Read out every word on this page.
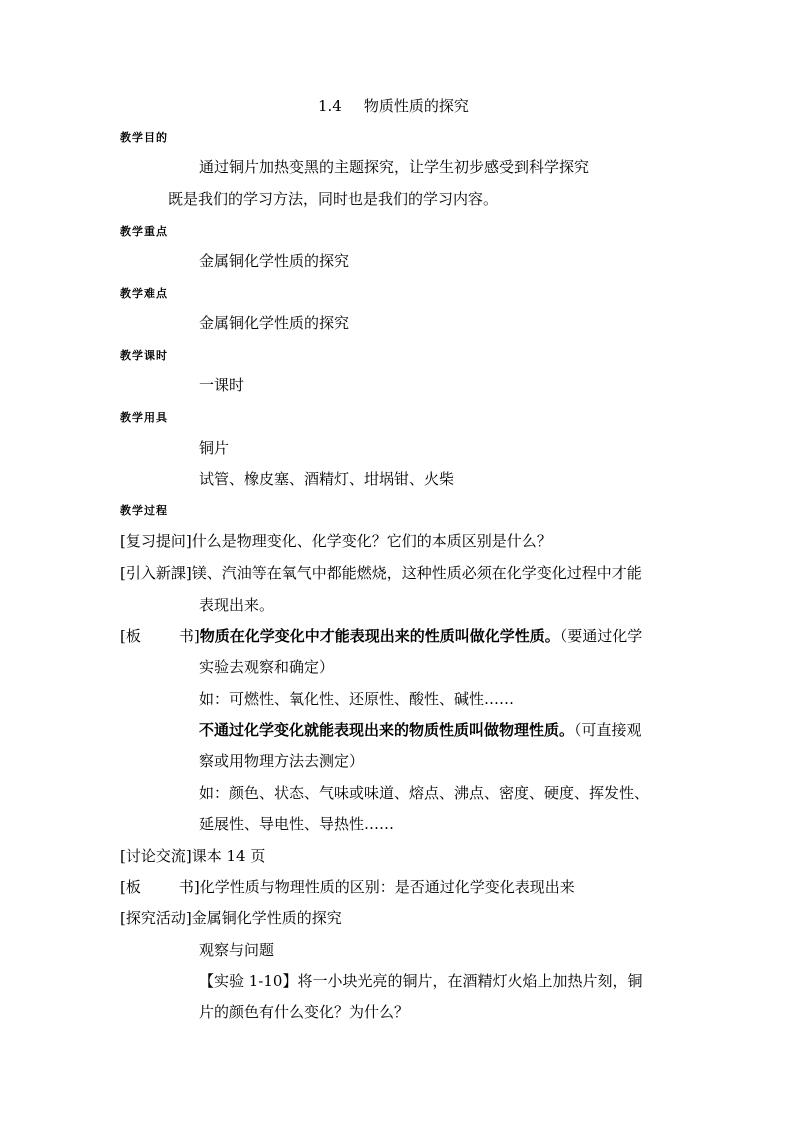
1.4 物质性质的探究
教学目的
通过铜片加热变黑的主题探究，让学生初步感受到科学探究
既是我们的学习方法，同时也是我们的学习内容。
教学重点
金属铜化学性质的探究
教学难点
金属铜化学性质的探究
教学课时
一课时
教学用具
铜片
试管、橡皮塞、酒精灯、坩埚钳、火柴
教学过程
[复习提问]什么是物理变化、化学变化？它们的本质区别是什么？
[引入新課]镁、汽油等在氧气中都能燃烧，这种性质必须在化学变化过程中才能
表现出来。
[板	书]物质在化学变化中才能表现出来的性质叫做化学性质。（要通过化学
实验去观察和确定）
如：可燃性、氧化性、还原性、酸性、碱性……
不通过化学变化就能表现出来的物质性质叫做物理性质。（可直接观
察或用物理方法去测定）
如：颜色、状态、气味或味道、熔点、沸点、密度、硬度、挥发性、
延展性、导电性、导热性……
[讨论交流]课本 14 页
[板	书]化学性质与物理性质的区别：是否通过化学变化表现出来
[探究活动]金属铜化学性质的探究
观察与问题
【实验 1-10】将一小块光亮的铜片，在酒精灯火焰上加热片刻，铜
片的颜色有什么变化？为什么？
